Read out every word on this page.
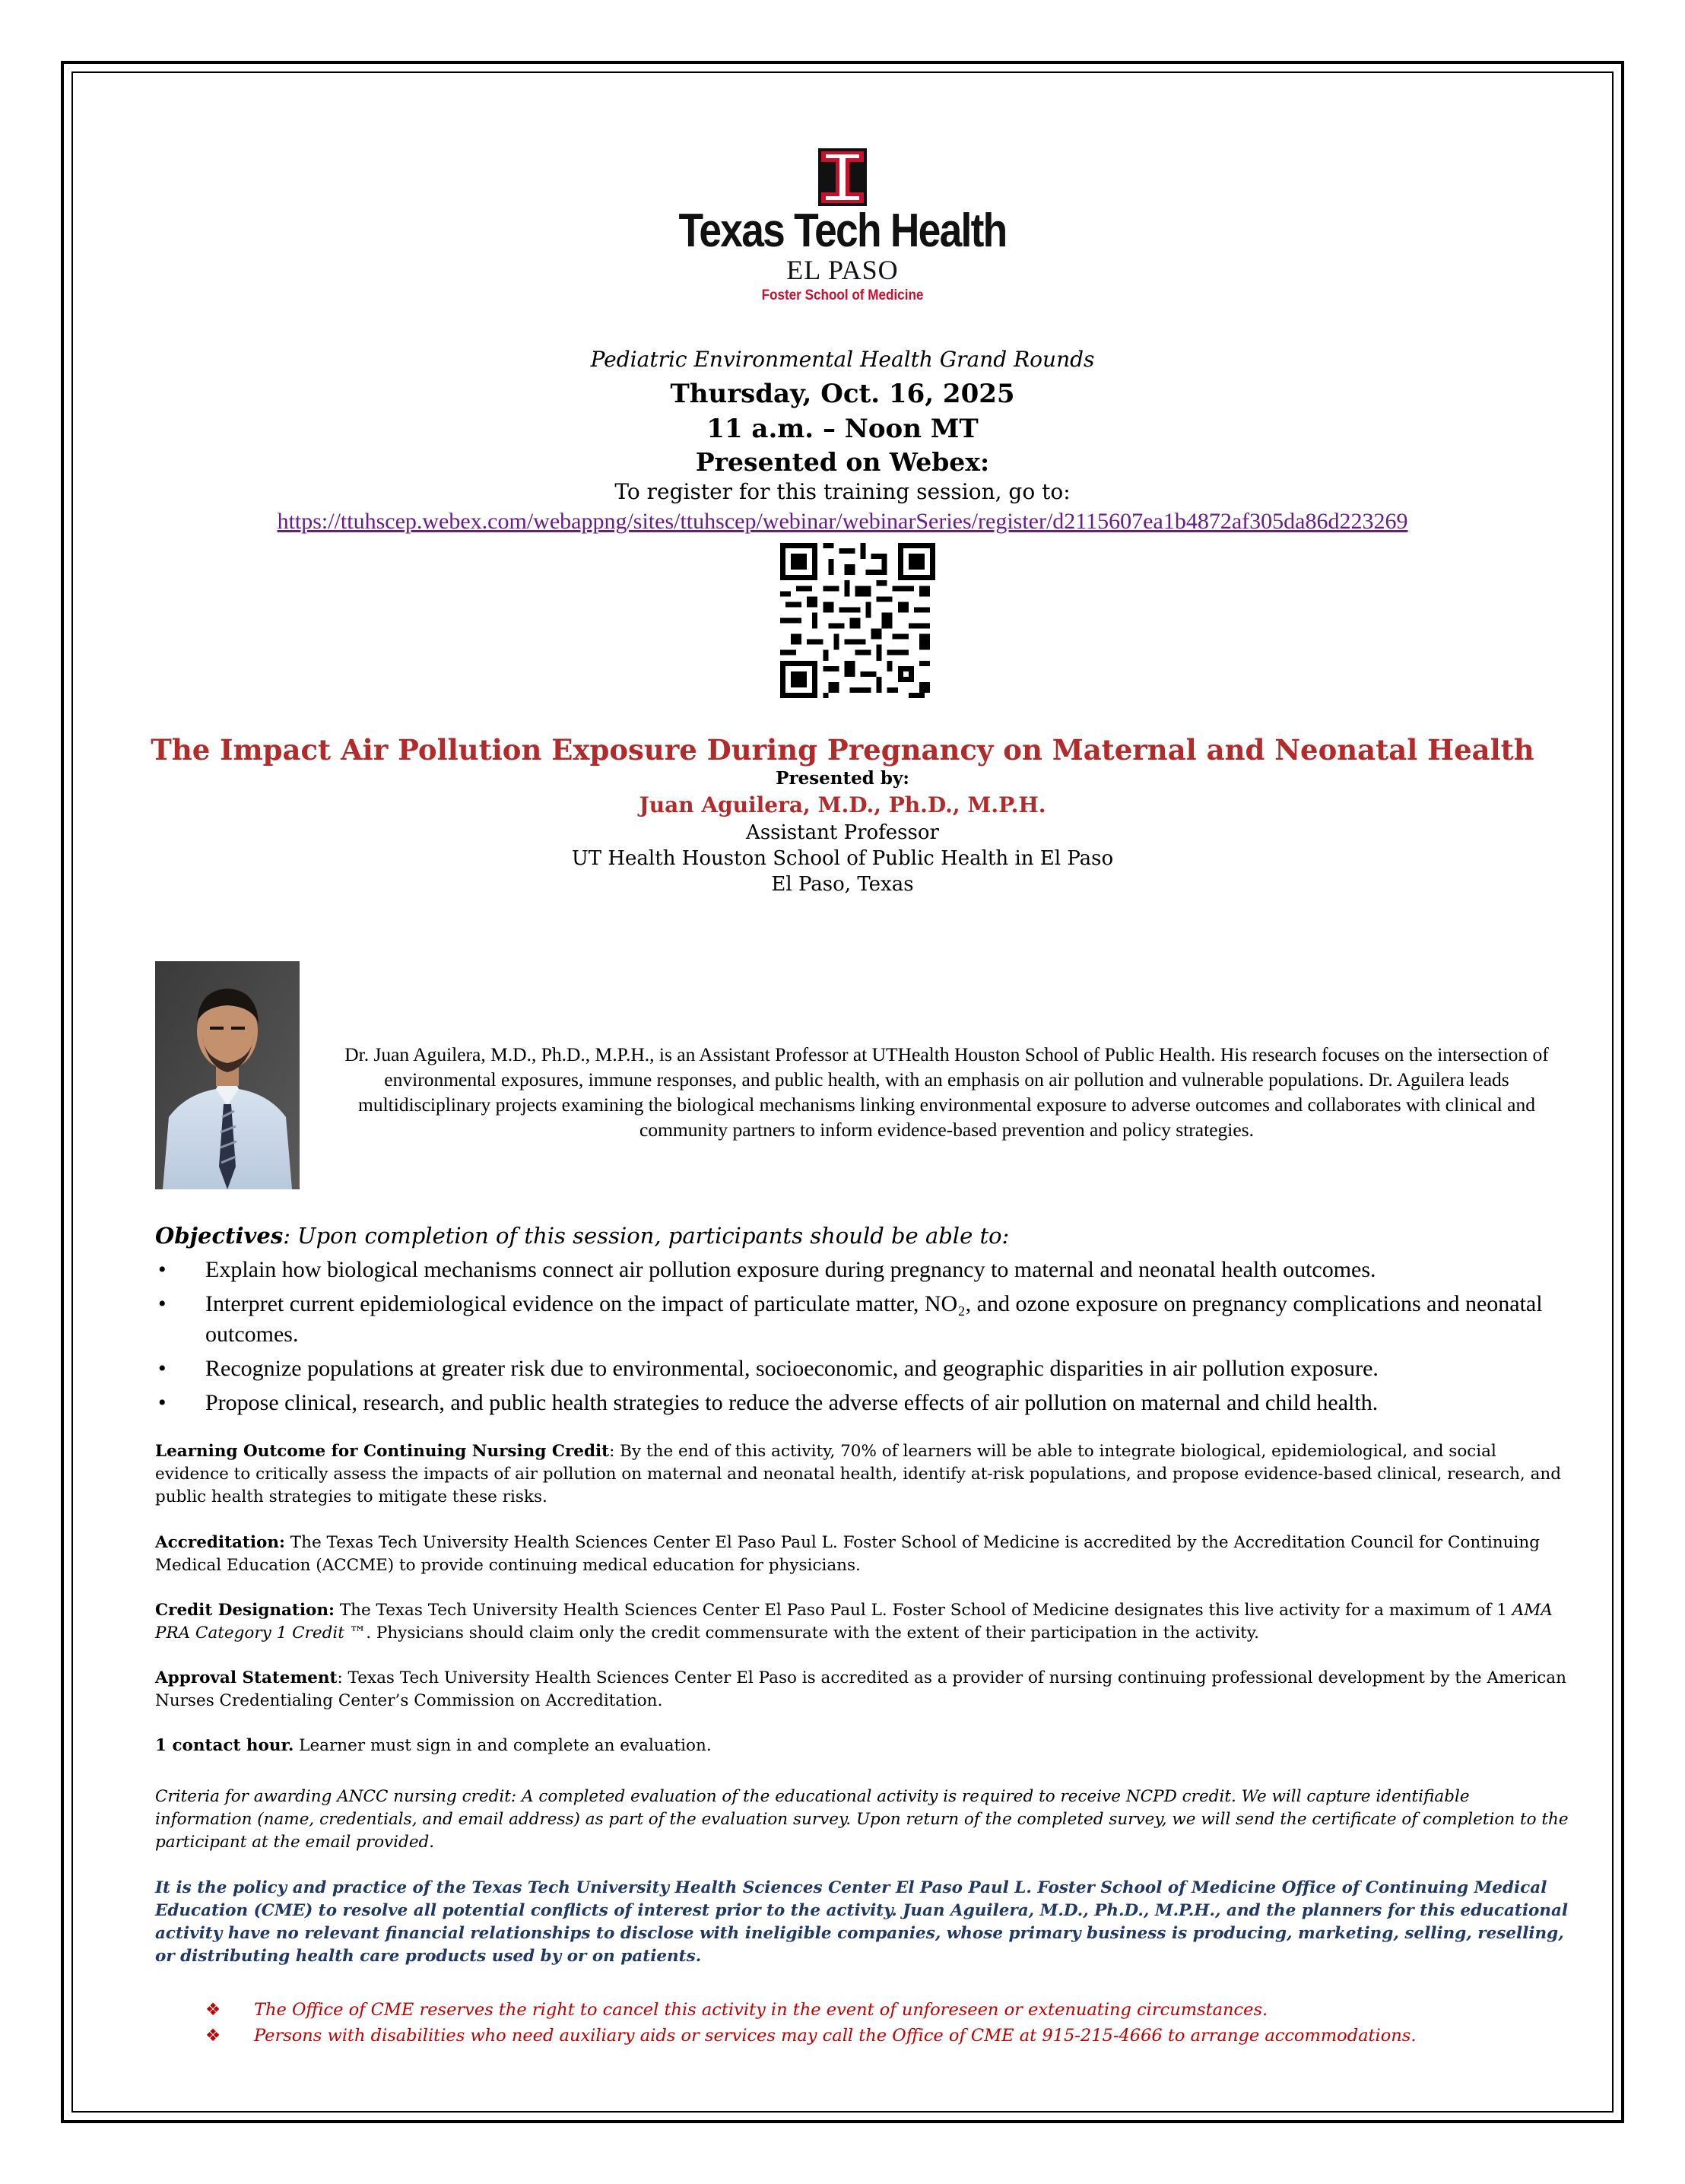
Texas Tech Health
EL PASO
Foster School of Medicine
Pediatric Environmental Health Grand Rounds
Thursday, Oct. 16, 2025
11 a.m. – Noon MT
Presented on Webex:
To register for this training session, go to:
https://ttuhscep.webex.com/webappng/sites/ttuhscep/webinar/webinarSeries/register/d2115607ea1b4872af305da86d223269
The Impact Air Pollution Exposure During Pregnancy on Maternal and Neonatal Health
Presented by:
Juan Aguilera, M.D., Ph.D., M.P.H.
Assistant Professor
UT Health Houston School of Public Health in El Paso
El Paso, Texas
Dr. Juan Aguilera, M.D., Ph.D., M.P.H., is an Assistant Professor at UTHealth Houston School of Public Health. His research focuses on the intersection of environmental exposures, immune responses, and public health, with an emphasis on air pollution and vulnerable populations. Dr. Aguilera leads multidisciplinary projects examining the biological mechanisms linking environmental exposure to adverse outcomes and collaborates with clinical and community partners to inform evidence-based prevention and policy strategies.
Objectives: Upon completion of this session, participants should be able to:
• Explain how biological mechanisms connect air pollution exposure during pregnancy to maternal and neonatal health outcomes.
• Interpret current epidemiological evidence on the impact of particulate matter, NO₂, and ozone exposure on pregnancy complications and neonatal outcomes.
• Recognize populations at greater risk due to environmental, socioeconomic, and geographic disparities in air pollution exposure.
• Propose clinical, research, and public health strategies to reduce the adverse effects of air pollution on maternal and child health.
Learning Outcome for Continuing Nursing Credit: By the end of this activity, 70% of learners will be able to integrate biological, epidemiological, and social evidence to critically assess the impacts of air pollution on maternal and neonatal health, identify at-risk populations, and propose evidence-based clinical, research, and public health strategies to mitigate these risks.
Accreditation: The Texas Tech University Health Sciences Center El Paso Paul L. Foster School of Medicine is accredited by the Accreditation Council for Continuing Medical Education (ACCME) to provide continuing medical education for physicians.
Credit Designation: The Texas Tech University Health Sciences Center El Paso Paul L. Foster School of Medicine designates this live activity for a maximum of 1 AMA PRA Category 1 Credit ™. Physicians should claim only the credit commensurate with the extent of their participation in the activity.
Approval Statement: Texas Tech University Health Sciences Center El Paso is accredited as a provider of nursing continuing professional development by the American Nurses Credentialing Center’s Commission on Accreditation.
1 contact hour. Learner must sign in and complete an evaluation.
Criteria for awarding ANCC nursing credit: A completed evaluation of the educational activity is required to receive NCPD credit. We will capture identifiable information (name, credentials, and email address) as part of the evaluation survey. Upon return of the completed survey, we will send the certificate of completion to the participant at the email provided.
It is the policy and practice of the Texas Tech University Health Sciences Center El Paso Paul L. Foster School of Medicine Office of Continuing Medical Education (CME) to resolve all potential conflicts of interest prior to the activity. Juan Aguilera, M.D., Ph.D., M.P.H., and the planners for this educational activity have no relevant financial relationships to disclose with ineligible companies, whose primary business is producing, marketing, selling, reselling, or distributing health care products used by or on patients.
❖ The Office of CME reserves the right to cancel this activity in the event of unforeseen or extenuating circumstances.
❖ Persons with disabilities who need auxiliary aids or services may call the Office of CME at 915-215-4666 to arrange accommodations.
